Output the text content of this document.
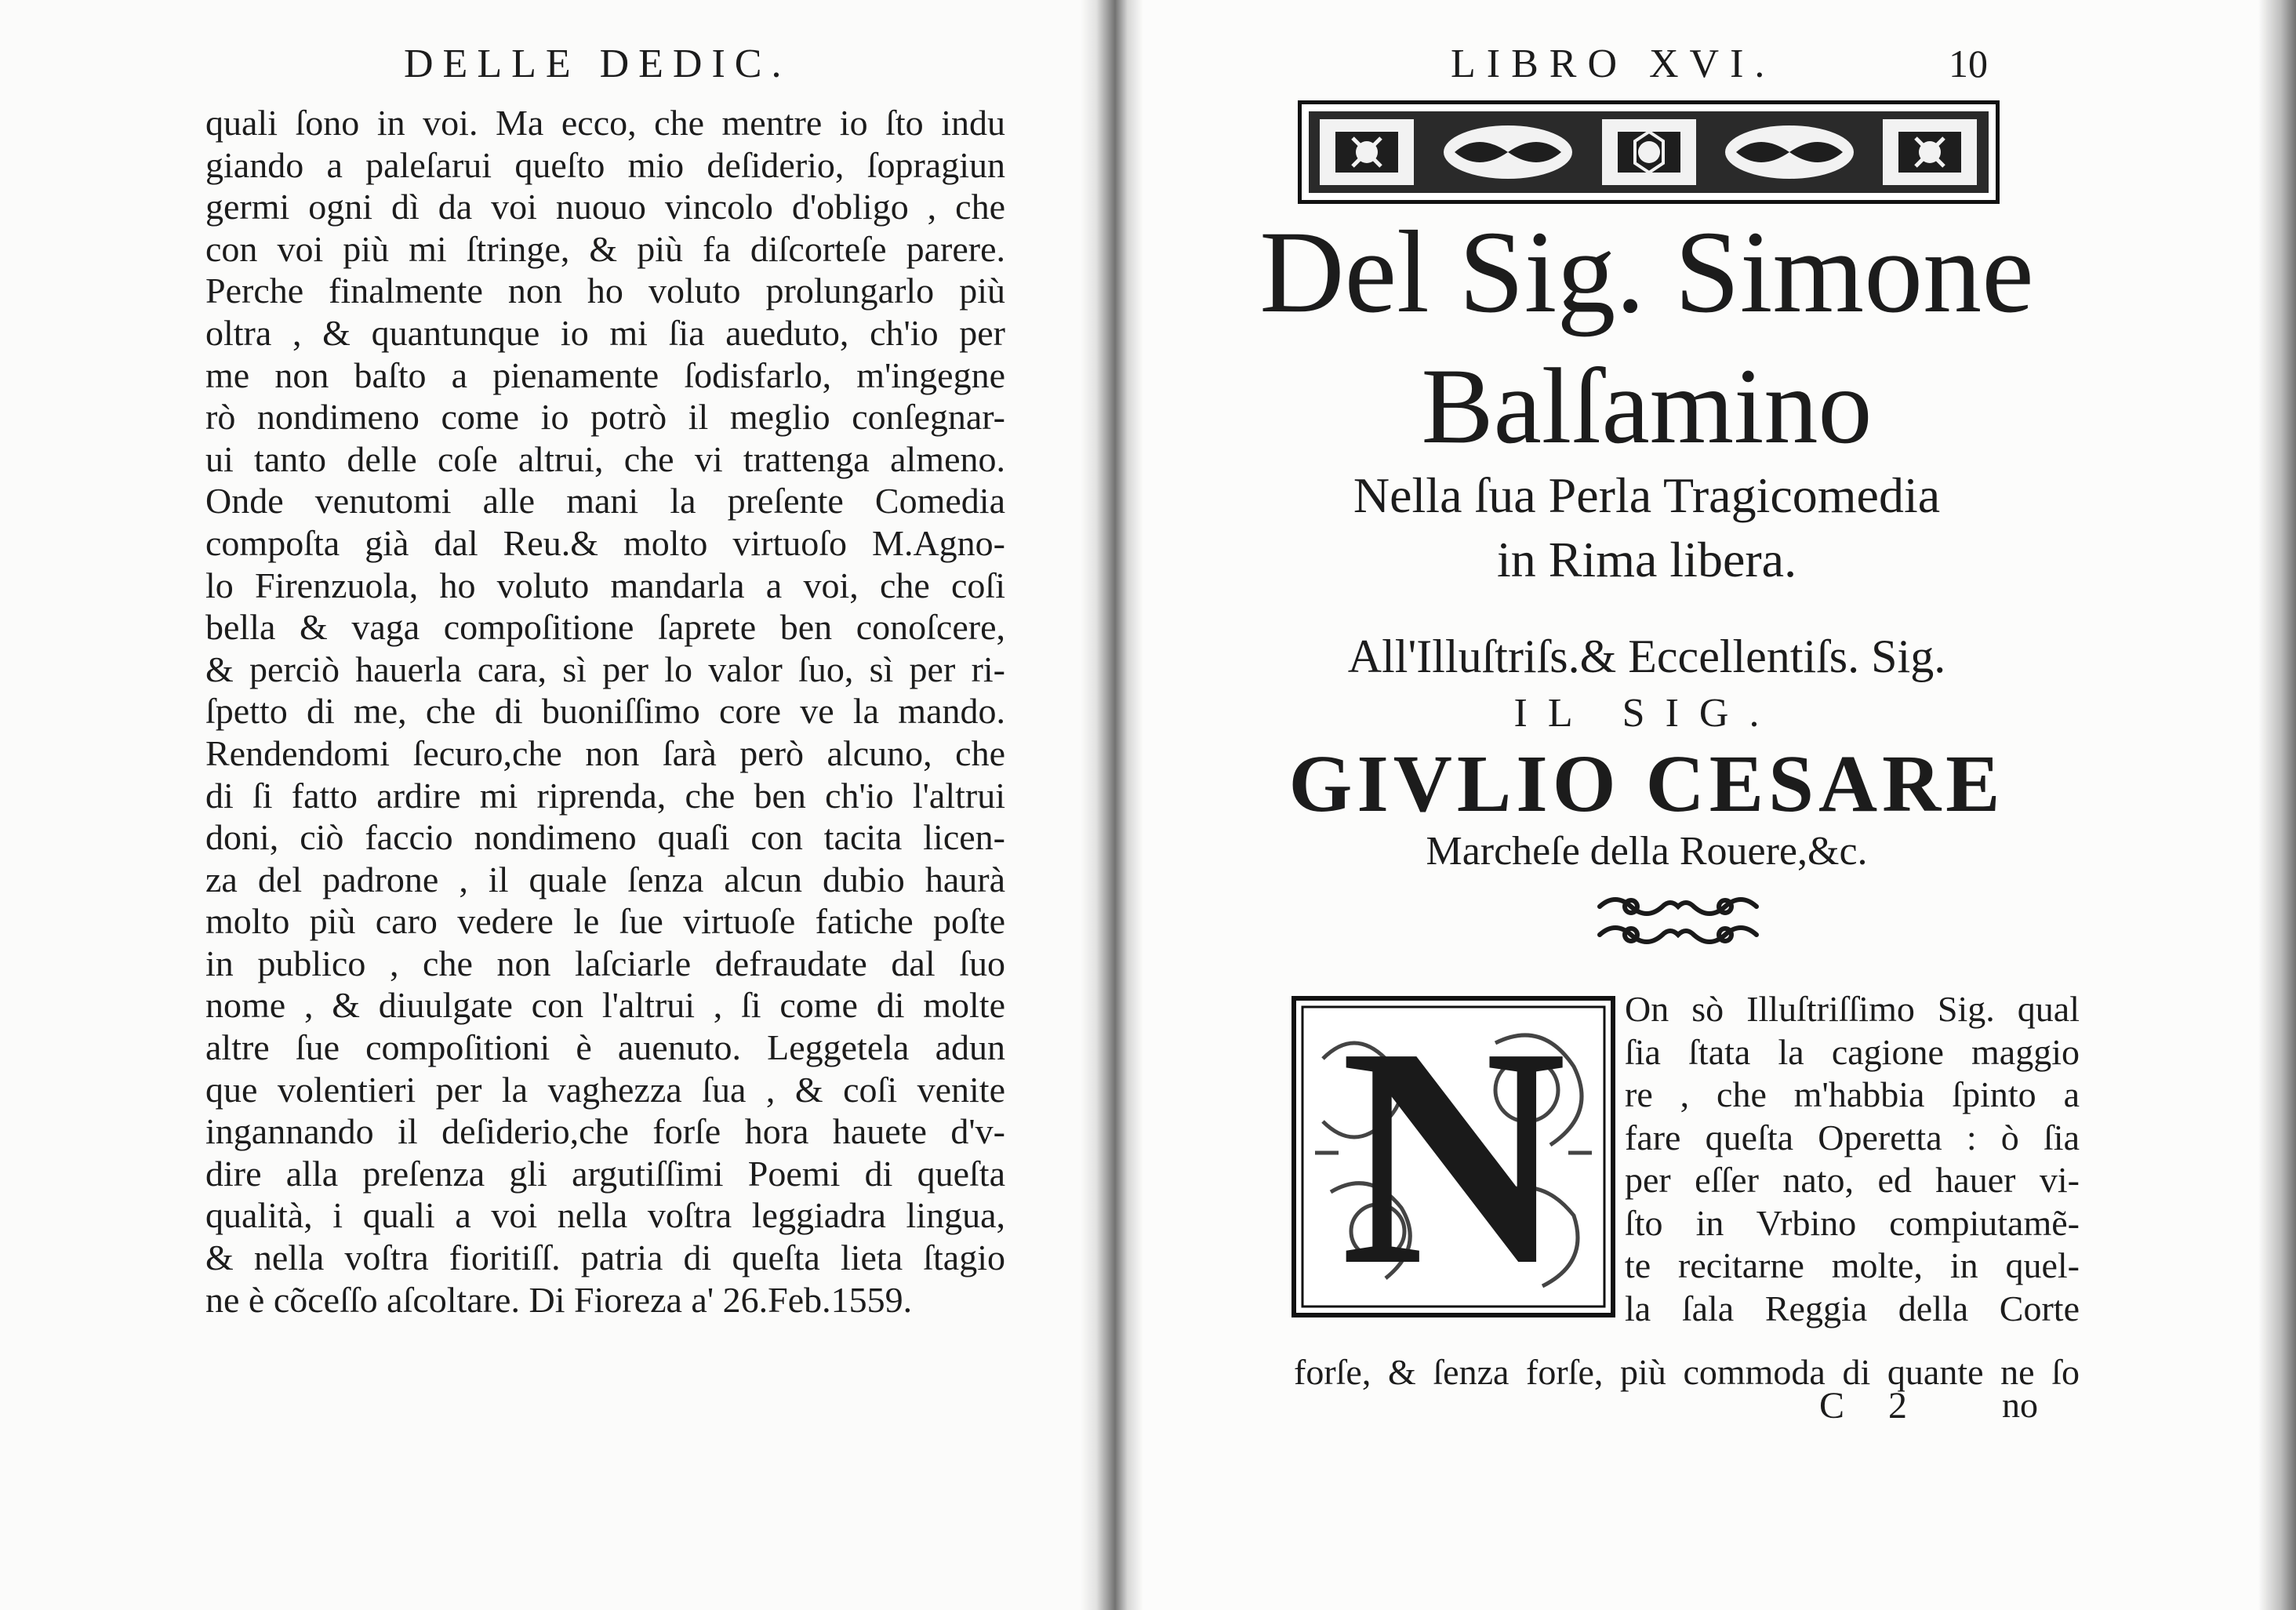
DELLE DEDIC.
quali ſono in voi. Ma ecco, che mentre io ſto indu
giando a paleſarui queſto mio deſiderio, ſopragiun
germi ogni dì da voi nuouo vincolo d'obligo , che
con voi più mi ſtringe, & più fa diſcorteſe parere.
Perche finalmente non ho voluto prolungarlo più
oltra , & quantunque io mi ſia aueduto, ch'io per
me non baſto a pienamente ſodisfarlo, m'ingegne
rò nondimeno come io potrò il meglio conſegnar-
ui tanto delle coſe altrui, che vi trattenga almeno.
Onde venutomi alle mani la preſente Comedia
compoſta già dal Reu.& molto virtuoſo M.Agno-
lo Firenzuola, ho voluto mandarla a voi, che coſi
bella & vaga compoſitione ſaprete ben conoſcere,
& perciò hauerla cara, sì per lo valor ſuo, sì per ri-
ſpetto di me, che di buoniſſimo core ve la mando.
Rendendomi ſecuro,che non ſarà però alcuno, che
di ſi fatto ardire mi riprenda, che ben ch'io l'altrui
doni, ciò faccio nondimeno quaſi con tacita licen-
za del padrone , il quale ſenza alcun dubio haurà
molto più caro vedere le ſue virtuoſe fatiche poſte
in publico , che non laſciarle defraudate dal ſuo
nome , & diuulgate con l'altrui , ſi come di molte
altre ſue compoſitioni è auenuto. Leggetela adun
que volentieri per la vaghezza ſua , & coſi venite
ingannando il deſiderio,che forſe hora hauete d'v-
dire alla preſenza gli argutiſſimi Poemi di queſta
qualità, i quali a voi nella voſtra leggiadra lingua,
& nella voſtra fioritiſſ. patria di queſta lieta ſtagio
ne è cõceſſo aſcoltare. Di Fioreza a' 26.Feb.1559.
LIBRO XVI.	10
Del Sig. Simone
Balſamino
Nella ſua Perla Tragicomedia
in Rima libera.
All'Illuſtriſs.& Eccellentiſs. Sig.
IL SIG.
GIVLIO CESARE
Marcheſe della Rouere,&c.
N	On sò Illuſtriſſimo Sig. qual
ſia ſtata la cagione maggio
re , che m'habbia ſpinto a
fare queſta Operetta : ò ſia
per eſſer nato, ed hauer vi-
ſto in Vrbino compiutamẽ-
te recitarne molte, in quel-
la ſala Reggia della Corte
forſe, & ſenza forſe, più commoda di quante ne ſo
C 2 no
